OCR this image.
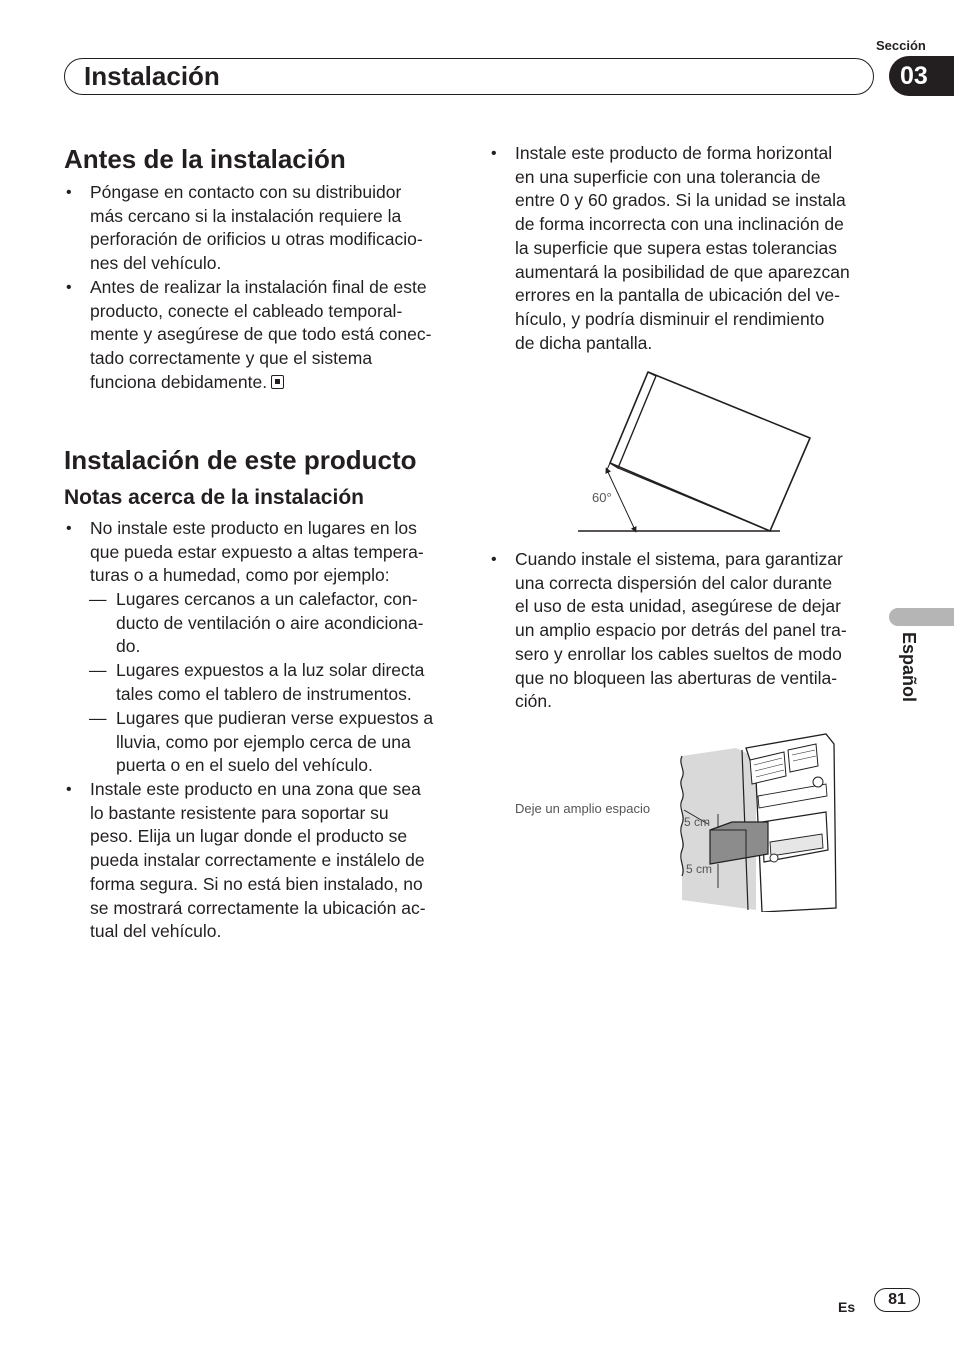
Sección
Instalación	03
Español
Antes de la instalación
• Póngase en contacto con su distribuidor
más cercano si la instalación requiere la
perforación de orificios u otras modificacio-
nes del vehículo.
• Antes de realizar la instalación final de este
producto, conecte el cableado temporal-
mente y asegúrese de que todo está conec-
tado correctamente y que el sistema
funciona debidamente.
Instalación de este producto
Notas acerca de la instalación
• No instale este producto en lugares en los
que pueda estar expuesto a altas tempera-
turas o a humedad, como por ejemplo:
— Lugares cercanos a un calefactor, con-
ducto de ventilación o aire acondiciona-
do.
— Lugares expuestos a la luz solar directa
tales como el tablero de instrumentos.
— Lugares que pudieran verse expuestos a
lluvia, como por ejemplo cerca de una
puerta o en el suelo del vehículo.
• Instale este producto en una zona que sea
lo bastante resistente para soportar su
peso. Elija un lugar donde el producto se
pueda instalar correctamente e instálelo de
forma segura. Si no está bien instalado, no
se mostrará correctamente la ubicación ac-
tual del vehículo.
• Instale este producto de forma horizontal
en una superficie con una tolerancia de
entre 0 y 60 grados. Si la unidad se instala
de forma incorrecta con una inclinación de
la superficie que supera estas tolerancias
aumentará la posibilidad de que aparezcan
errores en la pantalla de ubicación del ve-
hículo, y podría disminuir el rendimiento
de dicha pantalla.
60°
• Cuando instale el sistema, para garantizar
una correcta dispersión del calor durante
el uso de esta unidad, asegúrese de dejar
un amplio espacio por detrás del panel tra-
sero y enrollar los cables sueltos de modo
que no bloqueen las aberturas de ventila-
ción.
Deje un amplio espacio
5 cm
5 cm
Es	81
